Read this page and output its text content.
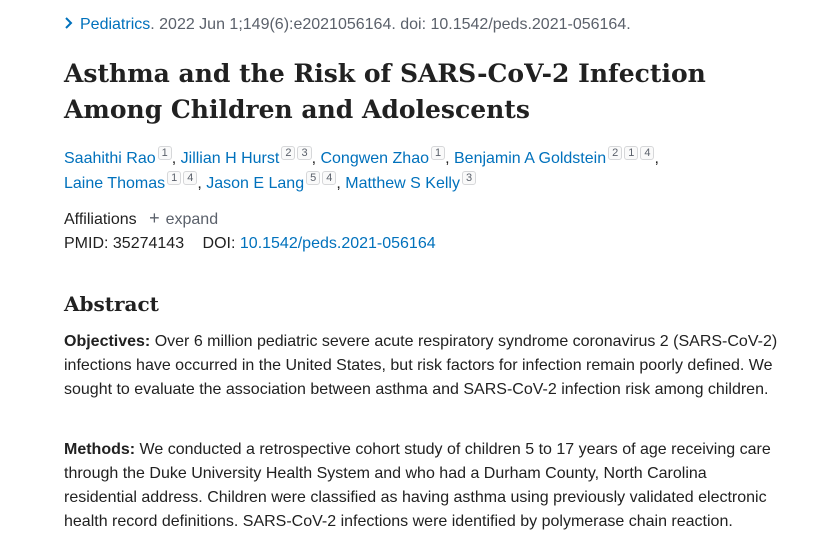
Pediatrics. 2022 Jun 1;149(6):e2021056164. doi: 10.1542/peds.2021-056164.
Asthma and the Risk of SARS-CoV-2 Infection
Among Children and Adolescents
Saahithi Rao 1 , Jillian H Hurst 2 3 , Congwen Zhao 1 , Benjamin A Goldstein 2 1 4 ,
Laine Thomas 1 4 , Jason E Lang 5 4 , Matthew S Kelly 3
Affiliations + expand
PMID: 35274143 DOI: 10.1542/peds.2021-056164
Abstract

Objectives: Over 6 million pediatric severe acute respiratory syndrome coronavirus 2 (SARS-CoV-2) infections have occurred in the United States, but risk factors for infection remain poorly defined. We sought to evaluate the association between asthma and SARS-CoV-2 infection risk among children.

Methods: We conducted a retrospective cohort study of children 5 to 17 years of age receiving care through the Duke University Health System and who had a Durham County, North Carolina residential address. Children were classified as having asthma using previously validated electronic health record definitions. SARS-CoV-2 infections were identified by polymerase chain reaction.
